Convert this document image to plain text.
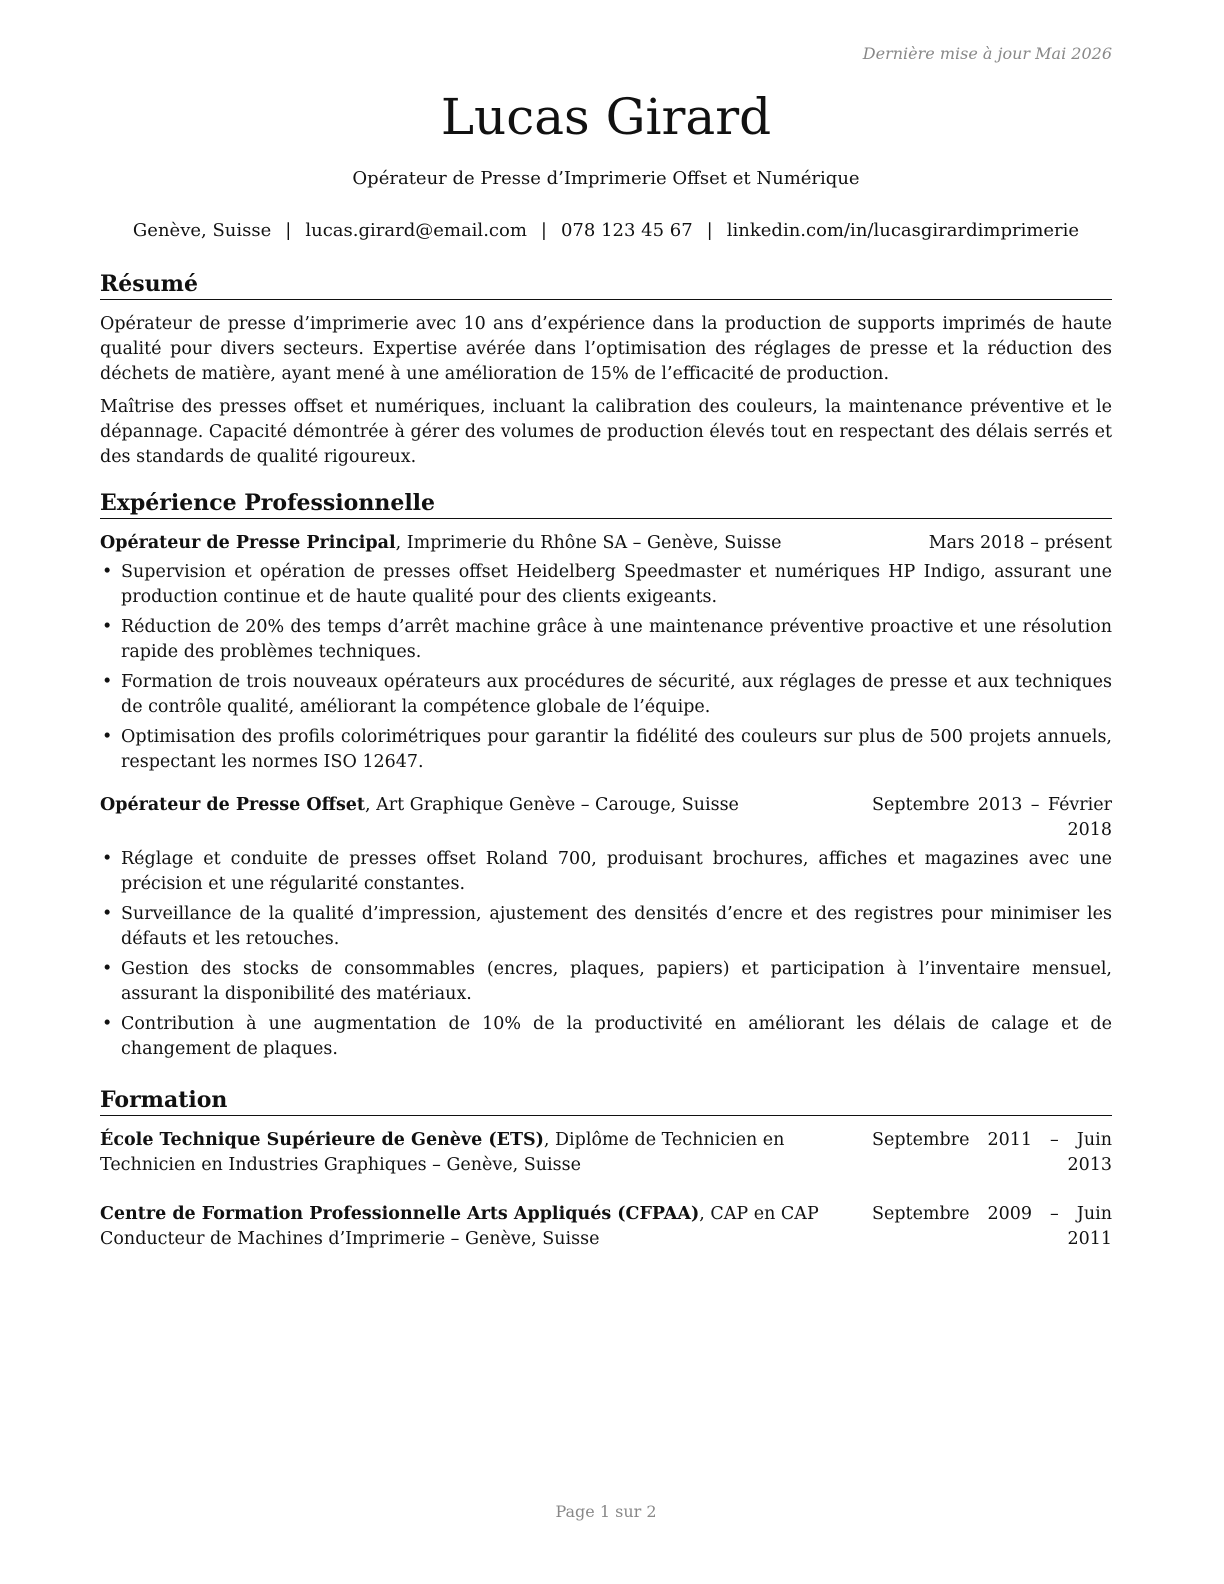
Dernière mise à jour Mai 2026
Lucas Girard
Opérateur de Presse d’Imprimerie Offset et Numérique
Genève, Suisse | lucas.girard@email.com | 078 123 45 67 | linkedin.com/in/lucasgirardimprimerie
Résumé

Opérateur de presse d’imprimerie avec 10 ans d’expérience dans la production de supports imprimés de haute qualité pour divers secteurs. Expertise avérée dans l’optimisation des réglages de presse et la réduction des déchets de matière, ayant mené à une amélioration de 15% de l’efficacité de production.

Maîtrise des presses offset et numériques, incluant la calibration des couleurs, la maintenance préventive et le dépannage. Capacité démontrée à gérer des volumes de production élevés tout en respectant des délais serrés et des standards de qualité rigoureux.

Expérience Professionnelle
Opérateur de Presse Principal, Imprimerie du Rhône SA – Genève, Suisse	Mars 2018 – présent
• Supervision et opération de presses offset Heidelberg Speedmaster et numériques HP Indigo, assurant une production continue et de haute qualité pour des clients exigeants.
• Réduction de 20% des temps d’arrêt machine grâce à une maintenance préventive proactive et une résolution rapide des problèmes techniques.
• Formation de trois nouveaux opérateurs aux procédures de sécurité, aux réglages de presse et aux techniques de contrôle qualité, améliorant la compétence globale de l’équipe.
• Optimisation des profils colorimétriques pour garantir la fidélité des couleurs sur plus de 500 projets annuels, respectant les normes ISO 12647.
Opérateur de Presse Offset, Art Graphique Genève – Carouge, Suisse	Septembre 2013 – Février 2018
• Réglage et conduite de presses offset Roland 700, produisant brochures, affiches et magazines avec une précision et une régularité constantes.
• Surveillance de la qualité d’impression, ajustement des densités d’encre et des registres pour minimiser les défauts et les retouches.
• Gestion des stocks de consommables (encres, plaques, papiers) et participation à l’inventaire mensuel, assurant la disponibilité des matériaux.
• Contribution à une augmentation de 10% de la productivité en améliorant les délais de calage et de changement de plaques.
Formation
École Technique Supérieure de Genève (ETS), Diplôme de Technicien en Technicien en Industries Graphiques – Genève, Suisse
Septembre 2011 – Juin 2013
Centre de Formation Professionnelle Arts Appliqués (CFPAA), CAP en CAP Conducteur de Machines d’Imprimerie – Genève, Suisse
Septembre 2009 – Juin 2011
Page 1 sur 2
